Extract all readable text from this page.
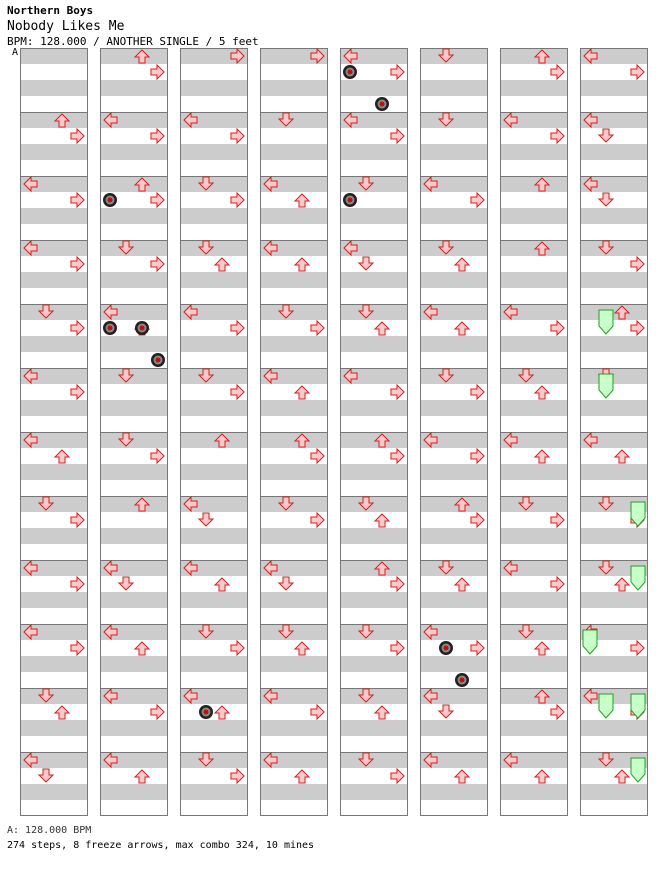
Northern Boys
Nobody Likes Me
BPM: 128.000 / ANOTHER SINGLE / 5 feet
A
A: 128.000 BPM
274 steps, 8 freeze arrows, max combo 324, 10 mines
